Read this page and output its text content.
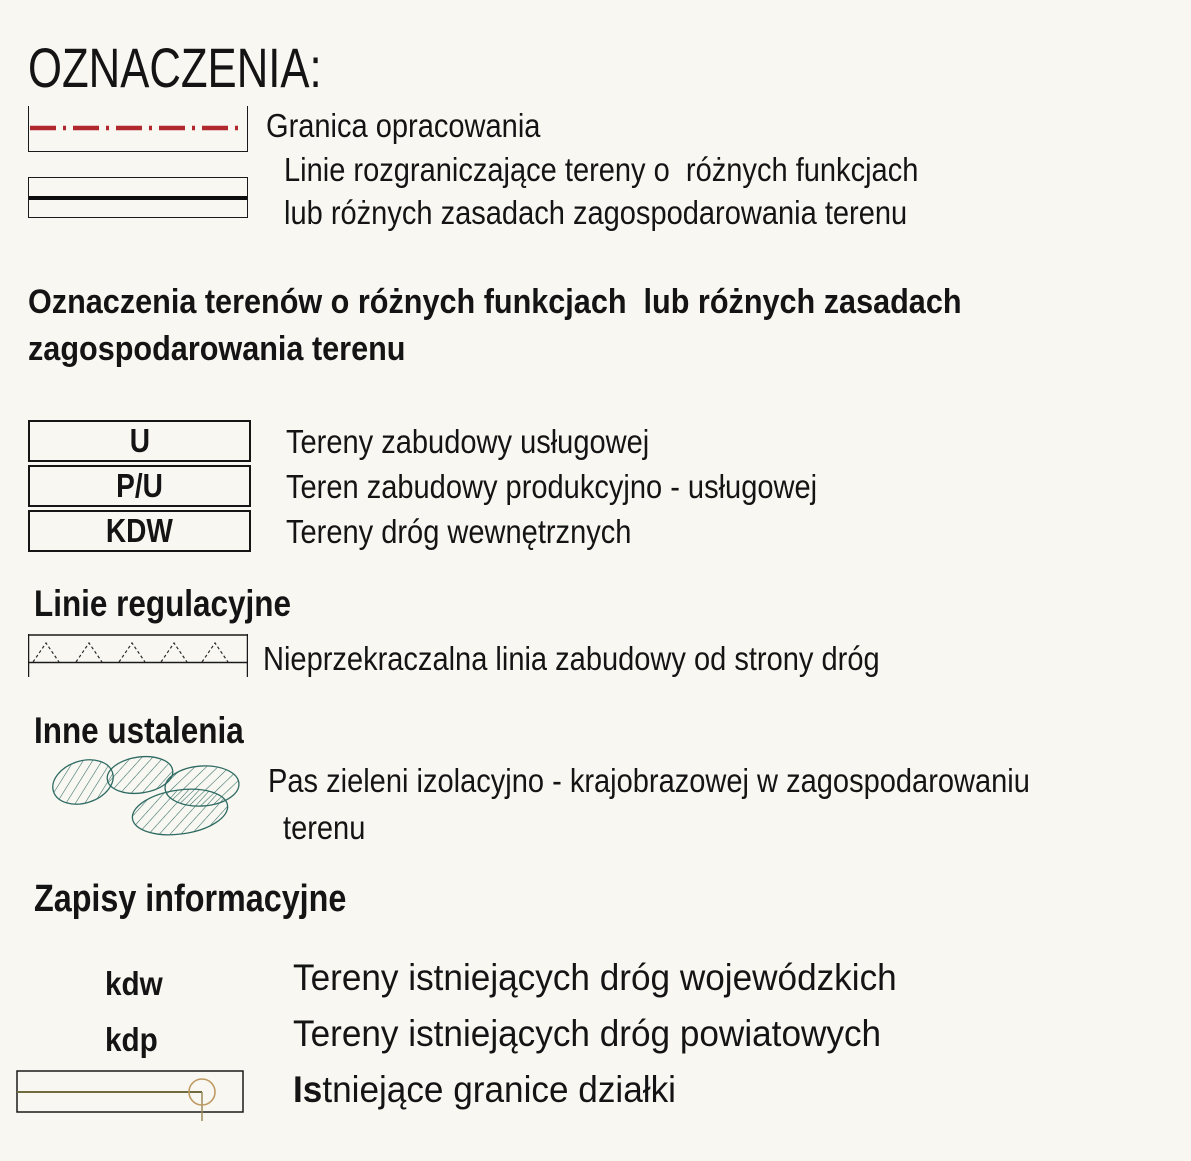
OZNACZENIA:
Granica opracowania
Linie rozgraniczające tereny o  różnych funkcjach
lub różnych zasadach zagospodarowania terenu
Oznaczenia terenów o różnych funkcjach  lub różnych zasadach
zagospodarowania terenu
U	Tereny zabudowy usługowej
P/U	Teren zabudowy produkcyjno - usługowej
KDW	Tereny dróg wewnętrznych
Linie regulacyjne
Nieprzekraczalna linia zabudowy od strony dróg
Inne ustalenia
Pas zieleni izolacyjno - krajobrazowej w zagospodarowaniu
terenu
Zapisy informacyjne
kdw	Tereny istniejących dróg wojewódzkich
kdp	Tereny istniejących dróg powiatowych
Istniejące granice działki
